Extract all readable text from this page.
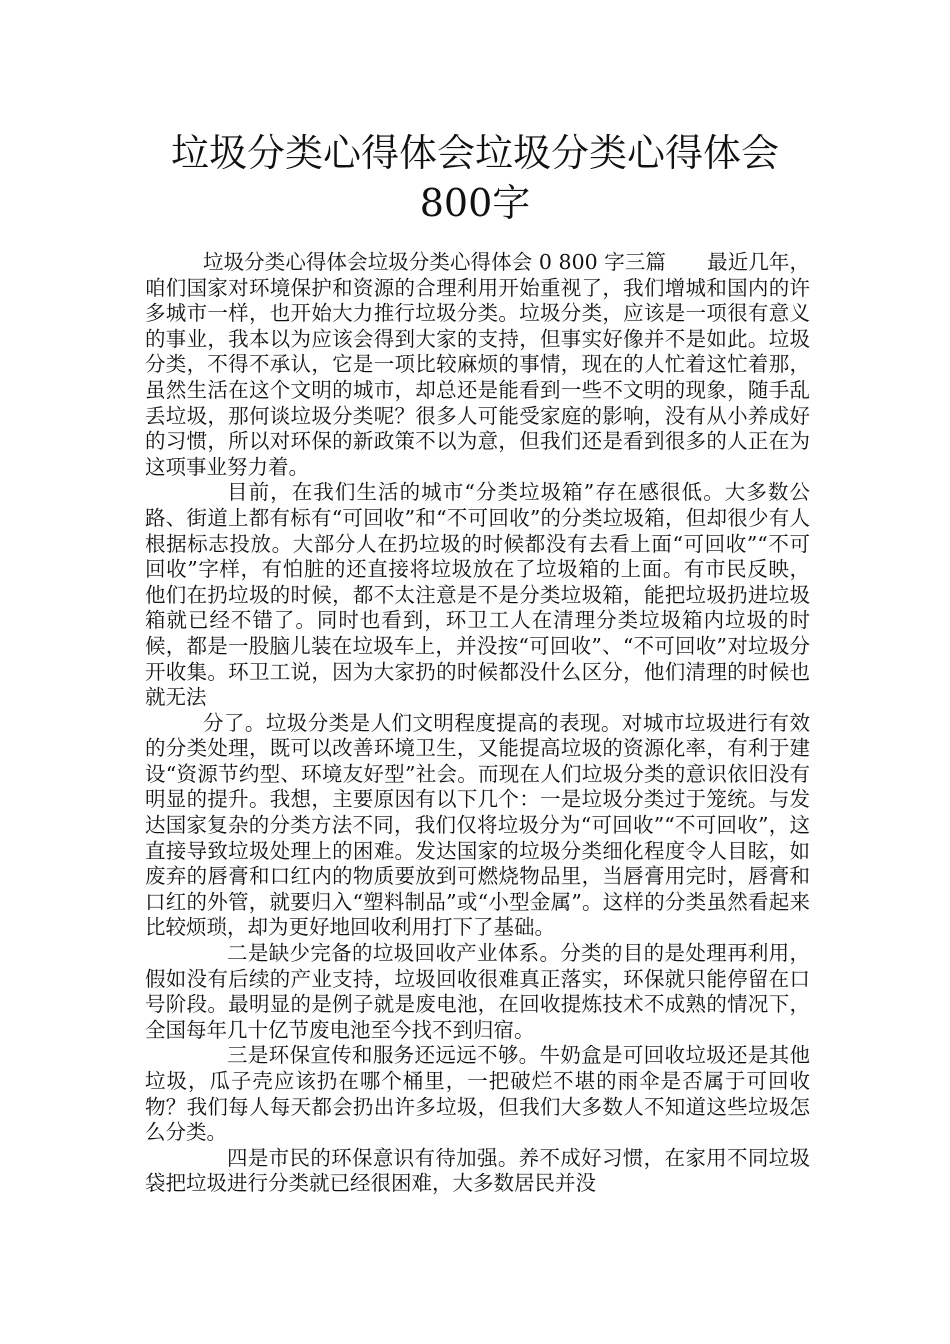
垃圾分类心得体会垃圾分类心得体会800字

垃圾分类心得体会垃圾分类心得体会 0 800 字三篇　　最近几年，咱们国家对环境保护和资源的合理利用开始重视了，我们增城和国内的许多城市一样，也开始大力推行垃圾分类。垃圾分类，应该是一项很有意义的事业，我本以为应该会得到大家的支持，但事实好像并不是如此。垃圾分类，不得不承认，它是一项比较麻烦的事情，现在的人忙着这忙着那，虽然生活在这个文明的城市，却总还是能看到一些不文明的现象，随手乱丢垃圾，那何谈垃圾分类呢？很多人可能受家庭的影响，没有从小养成好的习惯，所以对环保的新政策不以为意，但我们还是看到很多的人正在为这项事业努力着。

目前，在我们生活的城市“分类垃圾箱”存在感很低。大多数公路、街道上都有标有“可回收”和“不可回收”的分类垃圾箱，但却很少有人根据标志投放。大部分人在扔垃圾的时候都没有去看上面“可回收”“不可回收”字样，有怕脏的还直接将垃圾放在了垃圾箱的上面。有市民反映，他们在扔垃圾的时候，都不太注意是不是分类垃圾箱，能把垃圾扔进垃圾箱就已经不错了。同时也看到，环卫工人在清理分类垃圾箱内垃圾的时候，都是一股脑儿装在垃圾车上，并没按“可回收”、“不可回收”对垃圾分开收集。环卫工说，因为大家扔的时候都没什么区分，他们清理的时候也就无法

分了。垃圾分类是人们文明程度提高的表现。对城市垃圾进行有效的分类处理，既可以改善环境卫生，又能提高垃圾的资源化率，有利于建设“资源节约型、环境友好型”社会。而现在人们垃圾分类的意识依旧没有明显的提升。我想，主要原因有以下几个：一是垃圾分类过于笼统。与发达国家复杂的分类方法不同，我们仅将垃圾分为“可回收”“不可回收”，这直接导致垃圾处理上的困难。发达国家的垃圾分类细化程度令人目眩，如废弃的唇膏和口红内的物质要放到可燃烧物品里，当唇膏用完时，唇膏和口红的外管，就要归入“塑料制品”或“小型金属”。这样的分类虽然看起来比较烦琐，却为更好地回收利用打下了基础。

二是缺少完备的垃圾回收产业体系。分类的目的是处理再利用，假如没有后续的产业支持，垃圾回收很难真正落实，环保就只能停留在口号阶段。最明显的是例子就是废电池，在回收提炼技术不成熟的情况下，全国每年几十亿节废电池至今找不到归宿。

三是环保宣传和服务还远远不够。牛奶盒是可回收垃圾还是其他垃圾，瓜子壳应该扔在哪个桶里，一把破烂不堪的雨伞是否属于可回收物？我们每人每天都会扔出许多垃圾，但我们大多数人不知道这些垃圾怎么分类。

四是市民的环保意识有待加强。养不成好习惯，在家用不同垃圾袋把垃圾进行分类就已经很困难，大多数居民并没
